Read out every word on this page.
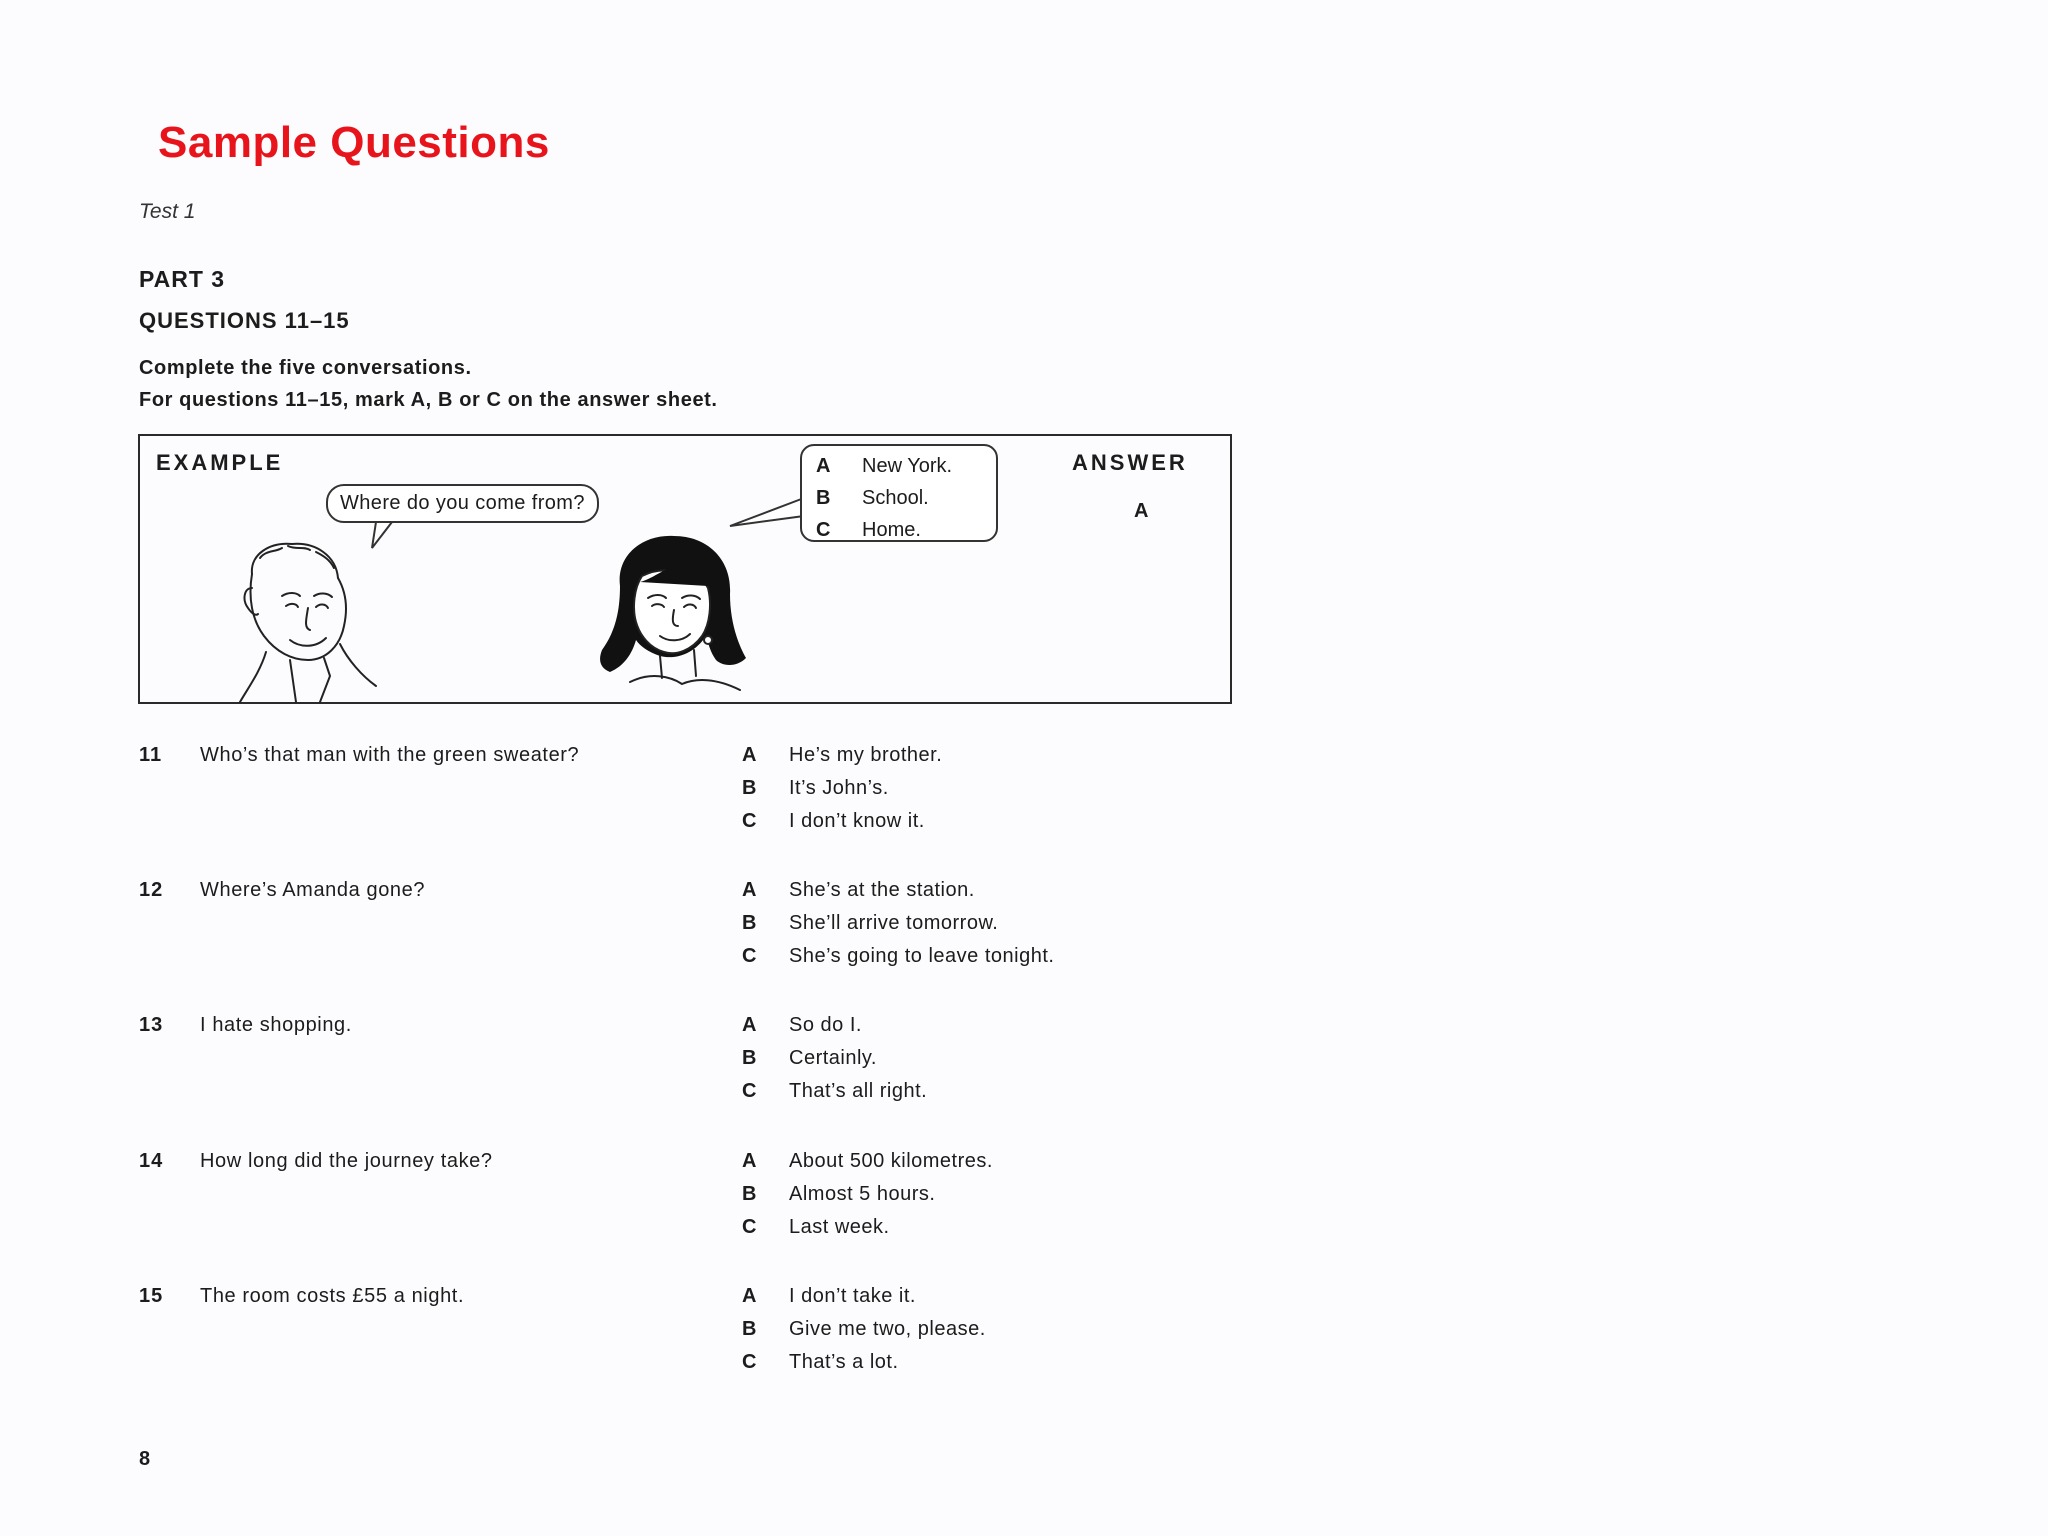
Sample Questions
Test 1
PART 3
QUESTIONS 11–15
Complete the five conversations.
For questions 11–15, mark A, B or C on the answer sheet.
EXAMPLE	ANSWER
A
Where do you come from?
A	New York.
B	School.
C	Home.
11 Who’s that man with the green sweater?	A	He’s my brother.
B	It’s John’s.
C	I don’t know it.
12 Where’s Amanda gone?	A	She’s at the station.
B	She’ll arrive tomorrow.
C	She’s going to leave tonight.
13 I hate shopping.	A	So do I.
B	Certainly.
C	That’s all right.
14 How long did the journey take?	A	About 500 kilometres.
B	Almost 5 hours.
C	Last week.
15 The room costs £55 a night.	A	I don’t take it.
B	Give me two, please.
C	That’s a lot.
8
